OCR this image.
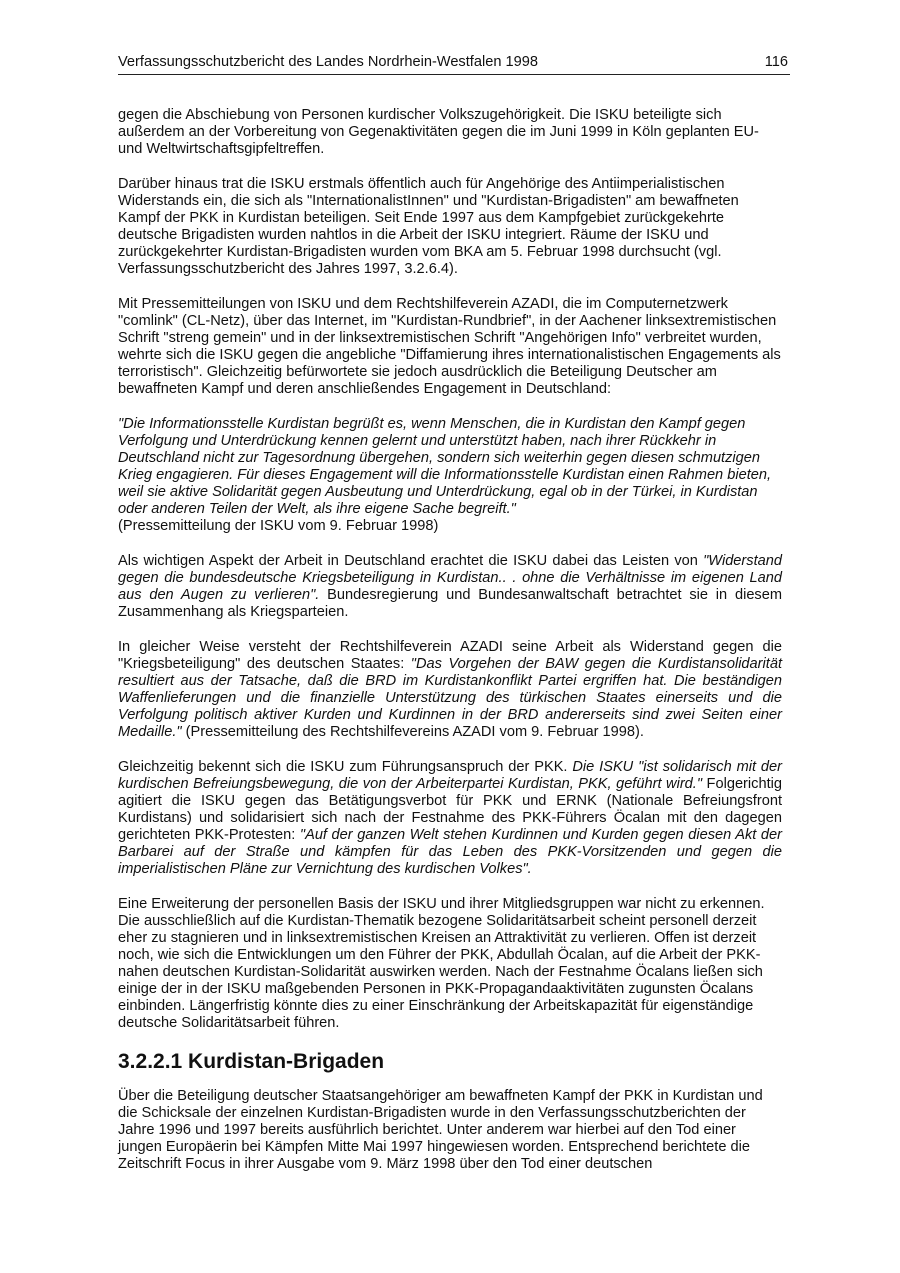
Verfassungsschutzbericht des Landes Nordrhein-Westfalen 1998	116

gegen die Abschiebung von Personen kurdischer Volkszugehörigkeit. Die ISKU beteiligte sich außerdem an der Vorbereitung von Gegenaktivitäten gegen die im Juni 1999 in Köln geplanten EU- und Weltwirtschaftsgipfeltreffen.

Darüber hinaus trat die ISKU erstmals öffentlich auch für Angehörige des Antiimperialistischen Widerstands ein, die sich als "InternationalistInnen" und "Kurdistan-Brigadisten" am bewaffneten Kampf der PKK in Kurdistan beteiligen. Seit Ende 1997 aus dem Kampfgebiet zurückgekehrte deutsche Brigadisten wurden nahtlos in die Arbeit der ISKU integriert. Räume der ISKU und zurückgekehrter Kurdistan-Brigadisten wurden vom BKA am 5. Februar 1998 durchsucht (vgl. Verfassungsschutzbericht des Jahres 1997, 3.2.6.4).

Mit Pressemitteilungen von ISKU und dem Rechtshilfeverein AZADI, die im Computernetzwerk "comlink" (CL-Netz), über das Internet, im "Kurdistan-Rundbrief", in der Aachener linksextremistischen Schrift "streng gemein" und in der linksextremistischen Schrift "Angehörigen Info" verbreitet wurden, wehrte sich die ISKU gegen die angebliche "Diffamierung ihres internationalistischen Engagements als terroristisch". Gleichzeitig befürwortete sie jedoch ausdrücklich die Beteiligung Deutscher am bewaffneten Kampf und deren anschließendes Engagement in Deutschland:

"Die Informationsstelle Kurdistan begrüßt es, wenn Menschen, die in Kurdistan den Kampf gegen Verfolgung und Unterdrückung kennen gelernt und unterstützt haben, nach ihrer Rückkehr in Deutschland nicht zur Tagesordnung übergehen, sondern sich weiterhin gegen diesen schmutzigen Krieg engagieren. Für dieses Engagement will die Informationsstelle Kurdistan einen Rahmen bieten, weil sie aktive Solidarität gegen Ausbeutung und Unterdrückung, egal ob in der Türkei, in Kurdistan oder anderen Teilen der Welt, als ihre eigene Sache begreift."
(Pressemitteilung der ISKU vom 9. Februar 1998)

Als wichtigen Aspekt der Arbeit in Deutschland erachtet die ISKU dabei das Leisten von "Widerstand gegen die bundesdeutsche Kriegsbeteiligung in Kurdistan.. . ohne die Verhältnisse im eigenen Land aus den Augen zu verlieren". Bundesregierung und Bundesanwaltschaft betrachtet sie in diesem Zusammenhang als Kriegsparteien.

In gleicher Weise versteht der Rechtshilfeverein AZADI seine Arbeit als Widerstand gegen die "Kriegsbeteiligung" des deutschen Staates: "Das Vorgehen der BAW gegen die Kurdistansolidarität resultiert aus der Tatsache, daß die BRD im Kurdistankonflikt Partei ergriffen hat. Die beständigen Waffenlieferungen und die finanzielle Unterstützung des türkischen Staates einerseits und die Verfolgung politisch aktiver Kurden und Kurdinnen in der BRD andererseits sind zwei Seiten einer Medaille." (Pressemitteilung des Rechtshilfevereins AZADI vom 9. Februar 1998).

Gleichzeitig bekennt sich die ISKU zum Führungsanspruch der PKK. Die ISKU "ist solidarisch mit der kurdischen Befreiungsbewegung, die von der Arbeiterpartei Kurdistan, PKK, geführt wird." Folgerichtig agitiert die ISKU gegen das Betätigungsverbot für PKK und ERNK (Nationale Befreiungsfront Kurdistans) und solidarisiert sich nach der Festnahme des PKK-Führers Öcalan mit den dagegen gerichteten PKK-Protesten: "Auf der ganzen Welt stehen Kurdinnen und Kurden gegen diesen Akt der Barbarei auf der Straße und kämpfen für das Leben des PKK-Vorsitzenden und gegen die imperialistischen Pläne zur Vernichtung des kurdischen Volkes".

Eine Erweiterung der personellen Basis der ISKU und ihrer Mitgliedsgruppen war nicht zu erkennen. Die ausschließlich auf die Kurdistan-Thematik bezogene Solidaritätsarbeit scheint personell derzeit eher zu stagnieren und in linksextremistischen Kreisen an Attraktivität zu verlieren. Offen ist derzeit noch, wie sich die Entwicklungen um den Führer der PKK, Abdullah Öcalan, auf die Arbeit der PKK-nahen deutschen Kurdistan-Solidarität auswirken werden. Nach der Festnahme Öcalans ließen sich einige der in der ISKU maßgebenden Personen in PKK-Propagandaaktivitäten zugunsten Öcalans einbinden. Längerfristig könnte dies zu einer Einschränkung der Arbeitskapazität für eigenständige deutsche Solidaritätsarbeit führen.

3.2.2.1 Kurdistan-Brigaden

Über die Beteiligung deutscher Staatsangehöriger am bewaffneten Kampf der PKK in Kurdistan und die Schicksale der einzelnen Kurdistan-Brigadisten wurde in den Verfassungsschutzberichten der Jahre 1996 und 1997 bereits ausführlich berichtet. Unter anderem war hierbei auf den Tod einer jungen Europäerin bei Kämpfen Mitte Mai 1997 hingewiesen worden. Entsprechend berichtete die Zeitschrift Focus in ihrer Ausgabe vom 9. März 1998 über den Tod einer deutschen
